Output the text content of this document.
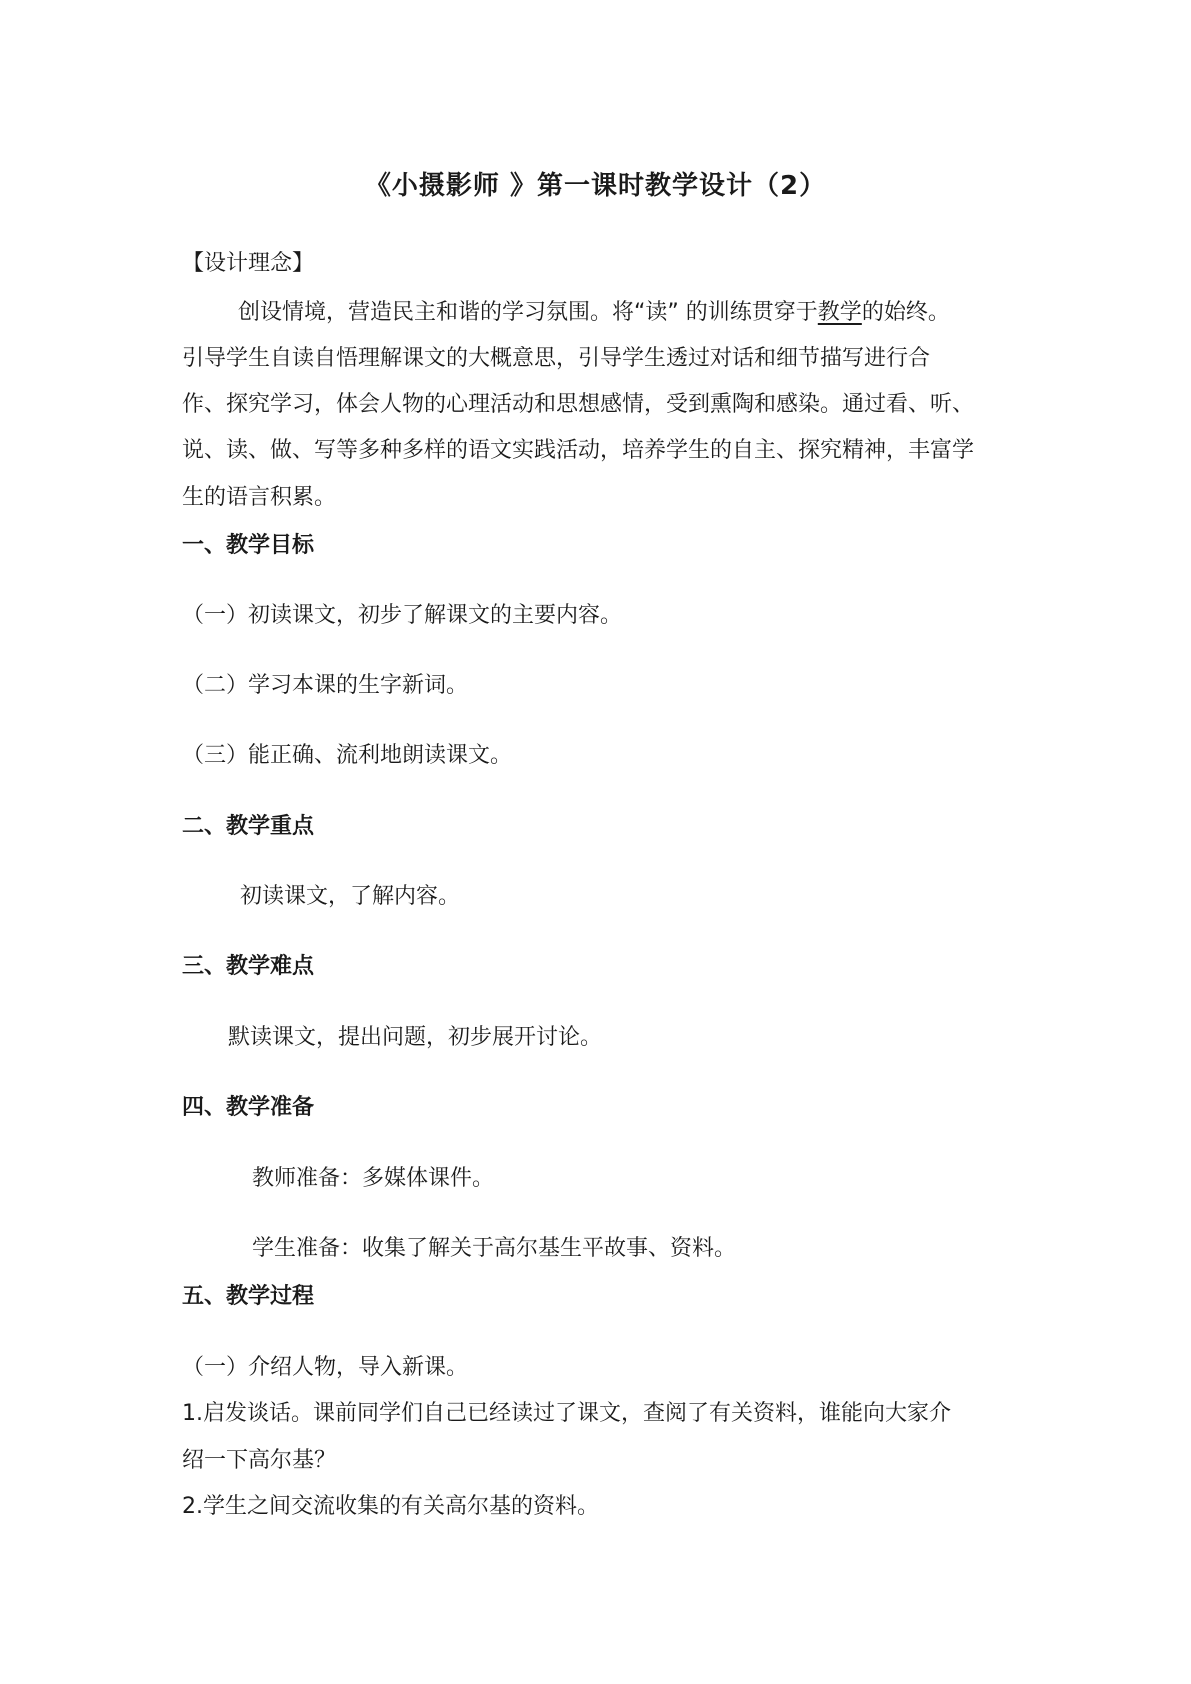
《小摄影师 》第一课时教学设计（2）
【设计理念】
创设情境，营造民主和谐的学习氛围。将“读” 的训练贯穿于教学的始终。
引导学生自读自悟理解课文的大概意思，引导学生透过对话和细节描写进行合
作、探究学习，体会人物的心理活动和思想感情，受到熏陶和感染。通过看、听、
说、读、做、写等多种多样的语文实践活动，培养学生的自主、探究精神，丰富学
生的语言积累。
一、教学目标
（一）初读课文，初步了解课文的主要内容。
（二）学习本课的生字新词。
（三）能正确、流利地朗读课文。
二、教学重点
初读课文，了解内容。
三、教学难点
默读课文，提出问题，初步展开讨论。
四、教学准备
教师准备：多媒体课件。
学生准备：收集了解关于高尔基生平故事、资料。
五、教学过程
（一）介绍人物，导入新课。
1.启发谈话。课前同学们自己已经读过了课文，查阅了有关资料，谁能向大家介
绍一下高尔基？
2.学生之间交流收集的有关高尔基的资料。
